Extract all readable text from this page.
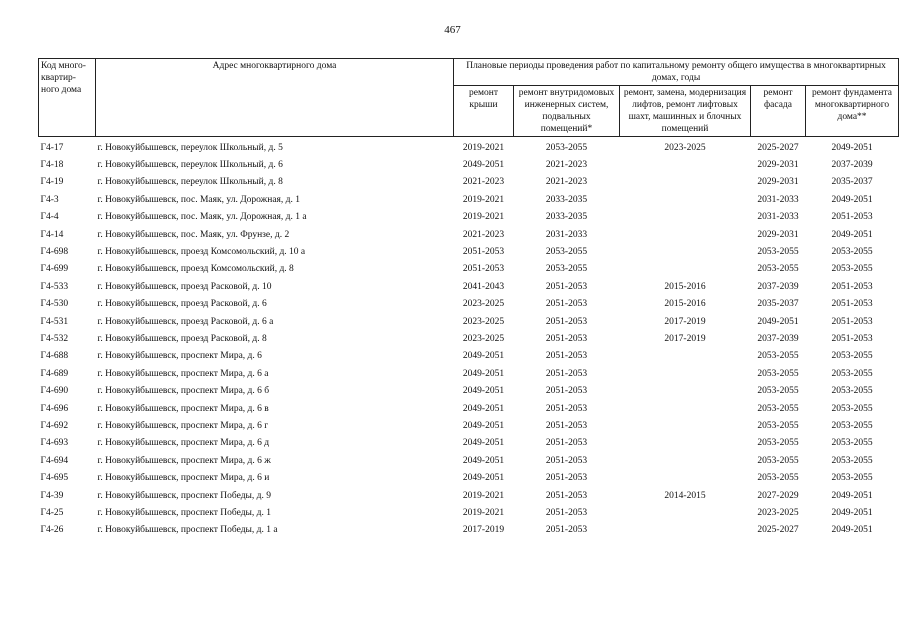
467
Код много-квартир-ного дома	Адрес многоквартирного дома	Плановые периоды проведения работ по капитальному ремонту общего имущества в многоквартирных домах, годы				
		ремонт крыши	ремонт внутридомовых инженерных систем, подвальных помещений*	ремонт, замена, модернизация лифтов, ремонт лифтовых шахт, машинных и блочных помещений	ремонт фасада	ремонт фундамента многоквартирного дома**
Г4-17	г. Новокуйбышевск, переулок Школьный, д. 5	2019-2021	2053-2055	2023-2025	2025-2027	2049-2051
Г4-18	г. Новокуйбышевск, переулок Школьный, д. 6	2049-2051	2021-2023		2029-2031	2037-2039
Г4-19	г. Новокуйбышевск, переулок Школьный, д. 8	2021-2023	2021-2023		2029-2031	2035-2037
Г4-3	г. Новокуйбышевск, пос. Маяк, ул. Дорожная, д. 1	2019-2021	2033-2035		2031-2033	2049-2051
Г4-4	г. Новокуйбышевск, пос. Маяк, ул. Дорожная, д. 1 а	2019-2021	2033-2035		2031-2033	2051-2053
Г4-14	г. Новокуйбышевск, пос. Маяк, ул. Фрунзе, д. 2	2021-2023	2031-2033		2029-2031	2049-2051
Г4-698	г. Новокуйбышевск, проезд Комсомольский, д. 10 а	2051-2053	2053-2055		2053-2055	2053-2055
Г4-699	г. Новокуйбышевск, проезд Комсомольский, д. 8	2051-2053	2053-2055		2053-2055	2053-2055
Г4-533	г. Новокуйбышевск, проезд Расковой, д. 10	2041-2043	2051-2053	2015-2016	2037-2039	2051-2053
Г4-530	г. Новокуйбышевск, проезд Расковой, д. 6	2023-2025	2051-2053	2015-2016	2035-2037	2051-2053
Г4-531	г. Новокуйбышевск, проезд Расковой, д. 6 а	2023-2025	2051-2053	2017-2019	2049-2051	2051-2053
Г4-532	г. Новокуйбышевск, проезд Расковой, д. 8	2023-2025	2051-2053	2017-2019	2037-2039	2051-2053
Г4-688	г. Новокуйбышевск, проспект Мира, д. 6	2049-2051	2051-2053		2053-2055	2053-2055
Г4-689	г. Новокуйбышевск, проспект Мира, д. 6 а	2049-2051	2051-2053		2053-2055	2053-2055
Г4-690	г. Новокуйбышевск, проспект Мира, д. 6 б	2049-2051	2051-2053		2053-2055	2053-2055
Г4-696	г. Новокуйбышевск, проспект Мира, д. 6 в	2049-2051	2051-2053		2053-2055	2053-2055
Г4-692	г. Новокуйбышевск, проспект Мира, д. 6 г	2049-2051	2051-2053		2053-2055	2053-2055
Г4-693	г. Новокуйбышевск, проспект Мира, д. 6 д	2049-2051	2051-2053		2053-2055	2053-2055
Г4-694	г. Новокуйбышевск, проспект Мира, д. 6 ж	2049-2051	2051-2053		2053-2055	2053-2055
Г4-695	г. Новокуйбышевск, проспект Мира, д. 6 и	2049-2051	2051-2053		2053-2055	2053-2055
Г4-39	г. Новокуйбышевск, проспект Победы, д. 9	2019-2021	2051-2053	2014-2015	2027-2029	2049-2051
Г4-25	г. Новокуйбышевск, проспект Победы, д. 1	2019-2021	2051-2053		2023-2025	2049-2051
Г4-26	г. Новокуйбышевск, проспект Победы, д. 1 а	2017-2019	2051-2053		2025-2027	2049-2051
